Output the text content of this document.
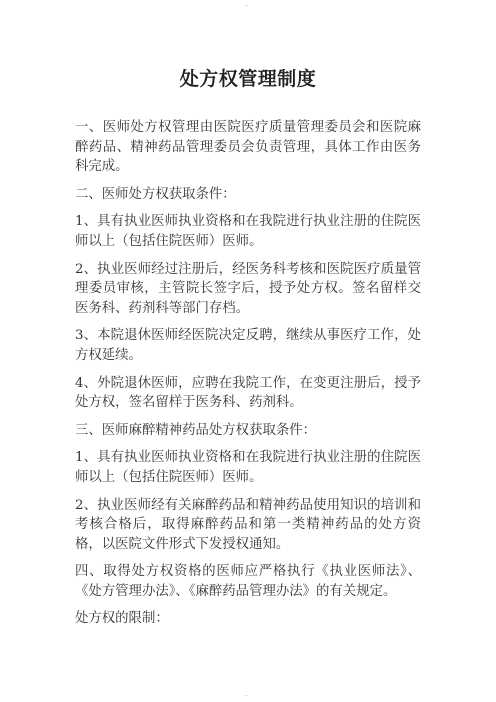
处方权管理制度

一、医师处方权管理由医院医疗质量管理委员会和医院麻醉药品、精神药品管理委员会负责管理，具体工作由医务科完成。

二、医师处方权获取条件：

1、具有执业医师执业资格和在我院进行执业注册的住院医师以上（包括住院医师）医师。

2、执业医师经过注册后，经医务科考核和医院医疗质量管理委员审核，主管院长签字后，授予处方权。签名留样交医务科、药剂科等部门存档。

3、本院退休医师经医院决定反聘，继续从事医疗工作，处方权延续。

4、外院退休医师，应聘在我院工作，在变更注册后，授予处方权，签名留样于医务科、药剂科。

三、医师麻醉精神药品处方权获取条件：

1、具有执业医师执业资格和在我院进行执业注册的住院医师以上（包括住院医师）医师。

2、执业医师经有关麻醉药品和精神药品使用知识的培训和考核合格后，取得麻醉药品和第一类精神药品的处方资格，以医院文件形式下发授权通知。

四、取得处方权资格的医师应严格执行《执业医师法》、《处方管理办法》、《麻醉药品管理办法》的有关规定。

处方权的限制：
